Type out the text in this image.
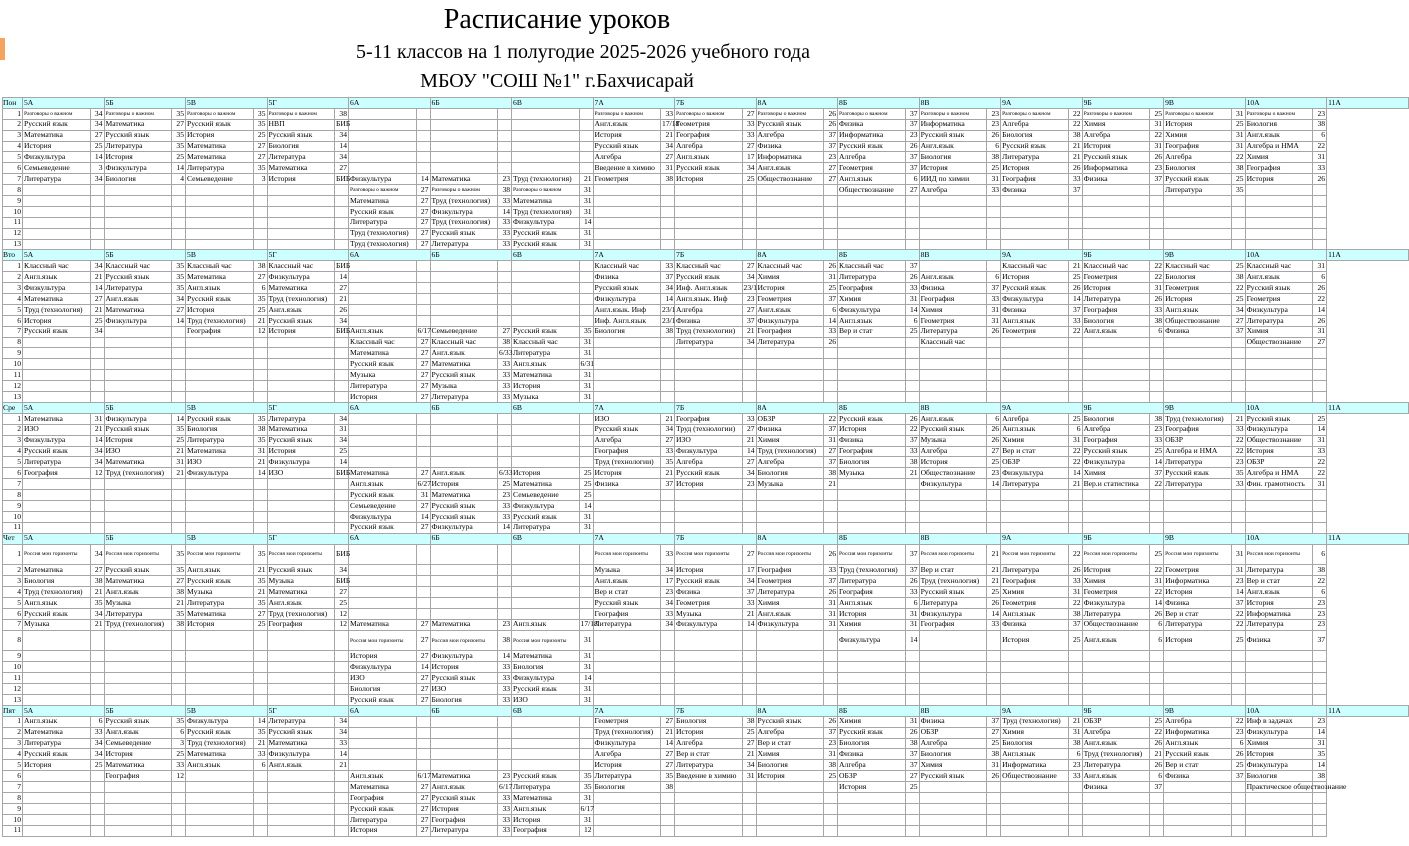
Расписание уроков
5-11 классов на 1 полугодие 2025-2026 учебного года
МБОУ "СОШ №1" г.Бахчисарай
Пон	5А		5Б		5В		5Г		6А		6Б		6В		7А		7Б		8А		8Б		8В		9А		9Б		9В		10А		11А
1	Разговоры о важном	34	Разговоры о важном	35	Разговоры о важном	35	Разговоры о важном	38							Разговоры о важном	33	Разговоры о важном	27	Разговоры о важном	26	Разговоры о важном	37	Разговоры о важном	23	Разговоры о важном	22	Разговоры о важном	25	Разговоры о важном	31	Разговоры о важном	23	
2	Русский язык	34	Математика	27	Русский язык	35	НВП	БИБ							Англ.язык	17/18	Геометрия	33	Русский язык	26	Физика	37	Информатика	23	Алгебра	22	Химия	31	История	25	Биология	38	
3	Математика	27	Русский язык	35	История	25	Русский язык	34							История	21	География	33	Алгебра	37	Информатика	23	Русский язык	26	Биология	38	Алгебра	22	Химия	31	Англ.язык	6	
4	История	25	Литература	35	Математика	27	Биология	14							Русский язык	34	Алгебра	27	Физика	37	Русский язык	26	Англ.язык	6	Русский язык	21	История	31	География	31	Алгебра и НМА	22	
5	Физкультура	14	История	25	Математика	27	Литература	34							Алгебра	27	Англ.язык	17	Информатика	23	Алгебра	37	Биология	38	Литература	21	Русский язык	26	Алгебра	22	Химия	31	
6	Семьеведение	3	Физкультура	14	Литература	35	Математика	27							Введение в химию	31	Русский язык	34	Англ.язык	27	Геометрия	37	История	25	История	26	Информатика	23	Биология	38	География	33	
7	Литература	34	Биология	4	Семьеведение	3	История	БИБ	Физкультура	14	Математика	23	Труд (технология)	21	Геометрия	38	История	25	Обществознание	27	Англ.язык	6	ИИД по химии	31	География	33	Физика	37	Русский язык	25	История	26	
8									Разговоры о важном	27	Разговоры о важном	38	Разговоры о важном	31							Обществознание	27	Алгебра	33	Физика	37			Литература	35			
9									Математика	27	Труд (технология)	33	Математика	31																			
10									Русский язык	27	Физкультура	14	Труд (технология)	31																			
11									Литература	27	Труд (технология)	33	Физкультура	14																			
12									Труд (технология)	27	Русский язык	33	Русский язык	31																			
13									Труд (технология)	27	Литература	33	Русский язык	31																			
Вто	5А		5Б		5В		5Г		6А		6Б		6В		7А		7Б		8А		8Б		8В		9А		9Б		9В		10А		11А
1	Классный час	34	Классный час	35	Классный час	38	Классный час	БИБ							Классный час	33	Классный час	27	Классный час	26	Классный час	37			Классный час	21	Классный час	22	Классный час	25	Классный час	31	
2	Англ.язык	21	Русский язык	35	Математика	27	Физкультура	14							Физика	37	Русский язык	34	Химия	31	Литература	26	Англ.язык	6	История	25	Геометрия	22	Биология	38	Англ.язык	6	
3	Физкультура	14	Литература	35	Англ.язык	6	Математика	27							Русский язык	34	Инф. Англ.язык	23/1	История	25	География	33	Физика	37	Русский язык	26	История	31	Геометрия	22	Русский язык	26	
4	Математика	27	Англ.язык	34	Русский язык	35	Труд (технология)	21							Физкультура	14	Англ.язык. Инф	23	Геометрия	37	Химия	31	География	33	Физкультура	14	Литература	26	История	25	Геометрия	22	
5	Труд (технология)	21	Математика	27	История	25	Англ.язык	26							Англ.язык. Инф	23/1	Алгебра	27	Англ.язык	6	Физкультура	14	Химия	31	Физика	37	География	33	Англ.язык	34	Физкультура	14	
6	История	25	Физкультура	14	Труд (технология)	21	Русский язык	34							Инф. Англ.язык	23/1	Физика	37	Физкультура	14	Англ.язык	6	Геометрия	31	Англ.язык	33	Биология	38	Обществознание	27	Литература	26	
7	Русский язык	34			География	12	История	БИБ	Англ.язык	6/17	Семьеведение	27	Русский язык	35	Биология	38	Труд (технологии)	21	География	33	Вер и стат	25	Литература	26	Геометрия	22	Англ.язык	6	Физика	37	Химия	31	
8									Классный час	27	Классный час	38	Классный час	31			Литература	34	Литература	26			Классный час								Обществознание	27	
9									Математика	27	Англ.язык	6/33	Литература	31																			
10									Русский язык	27	Математика	33	Англ.язык	6/31																			
11									Музыка	27	Русский язык	33	Математика	31																			
12									Литература	27	Музыка	33	История	31																			
13									История	27	Литература	33	Музыка	31																			
Сре	5А		5Б		5В		5Г		6А		6Б		6В		7А		7Б		8А		8Б		8В		9А		9Б		9В		10А		11А
1	Математика	31	Физкультура	14	Русский язык	35	Литература	34							ИЗО	21	География	33	ОБЗР	22	Русский язык	26	Англ.язык	6	Алгебра	25	Биология	38	Труд (технология)	21	Русский язык	25	
2	ИЗО	21	Русский язык	35	Биология	38	Математика	31							Русский язык	34	Труд (технологии)	27	Физика	37	История	22	Русский язык	26	Англ.язык	6	Алгебра	23	География	33	Физкультура	14	
3	Физкультура	14	История	25	Литература	35	Русский язык	34							Алгебра	27	ИЗО	21	Химия	31	Физика	37	Музыка	26	Химия	31	География	33	ОБЗР	22	Обществознание	31	
4	Русский язык	34	ИЗО	21	Математика	31	История	25							География	33	Физкультура	14	Труд (технология)	27	География	33	Алгебра	27	Вер и стат	22	Русский язык	25	Алгебра и НМА	22	История	33	
5	Литература	34	Математика	31	ИЗО	21	Физкультура	14							Труд (технологии)	35	Алгебра	27	Алгебра	37	Биология	38	История	25	ОБЗР	22	Физкультура	14	Литература	23	ОБЗР	22	
6	География	12	Труд (технология)	21	Физкультура	14	ИЗО	БИБ	Математика	27	Англ.язык	6/33	История	25	История	21	Русский язык	34	Биология	38	Музыка	21	Обществознание	23	Физкультура	14	Химия	37	Русский язык	35	Алгебра и НМА	22	
7									Англ.язык	6/27	История	25	Математика	25	Физика	37	История	23	Музыка	21			Физкультура	14	Литература	21	Вер.и статистика	22	Литература	33	Фин. грамотность	31	
8									Русский язык	31	Математика	23	Семьеведение	25																			
9									Семьеведение	27	Русский язык	33	Физкультура	14																			
10									Физкультура	14	Русский язык	33	Русский язык	31																			
11									Русский язык	27	Физкультура	14	Литература	31																			
Чет	5А		5Б		5В		5Г		6А		6Б		6В		7А		7Б		8А		8Б		8В		9А		9Б		9В		10А		11А
1	Россия мои горизонты	34	Россия мои горизонты	35	Россия мои горизонты	35	Россия мои горизонты	БИБ							Россия мои горизонты	33	Россия мои горизонты	27	Россия мои горизонты	26	Россия мои горизонты	37	Россия мои горизонты	21	Россия мои горизонты	22	Россия мои горизонты	25	Россия мои горизонты	31	Россия мои горизонты	6	
2	Математика	27	Русский язык	35	Англ.язык	21	Русский язык	34							Музыка	34	История	17	География	33	Труд (технология)	37	Вер и стат	21	Литература	26	История	22	Геометрия	31	Литература	38	
3	Биология	38	Математика	27	Русский язык	35	Музыка	БИБ							Англ.язык	17	Русский язык	34	Геометрия	37	Литература	26	Труд (технология)	21	География	33	Химия	31	Информатика	23	Вер и стат	22	
4	Труд (технология)	21	Англ.язык	38	Музыка	21	Математика	27							Вер и стат	23	Физика	37	Литература	26	География	33	Русский язык	25	Химия	31	Геометрия	22	История	14	Англ.язык	6	
5	Англ.язык	35	Музыка	21	Литература	35	Англ.язык	25							Русский язык	34	Геометрия	33	Химия	31	Англ.язык	6	Литература	26	Геометрия	22	Физкультура	14	Физика	37	История	23	
6	Русский язык	34	Литература	35	Математика	27	Труд (технология)	12							География	33	Музыка	21	Англ.язык	31	История	31	Физкультура	14	Англ.язык	38	Литература	26	Вер и стат	22	Информатика	23	
7	Музыка	21	Труд (технология)	38	История	25	География	12	Математика	27	Математика	23	Англ.язык	17/18	Литература	34	Физкультура	14	Физкультура	31	Химия	31	География	33	Физика	37	Обществознание	6	Литература	22	Литература	23	
8									Россия мои горизонты	27	Россия мои горизонты	38	Россия мои горизонты	31							Физкультура	14			История	25	Англ.язык	6	История	25	Физика	37	
9									История	27	Физкультура	14	Математика	31																			
10									Физкультура	14	История	33	Биология	31																			
11									ИЗО	27	Русский язык	33	Физкультура	14																			
12									Биология	27	ИЗО	33	Русский язык	31																			
13									Русский язык	27	Биология	33	ИЗО	31																			
Пят	5А		5Б		5В		5Г		6А		6Б		6В		7А		7Б		8А		8Б		8В		9А		9Б		9В		10А		11А
1	Англ.язык	6	Русский язык	35	Физкультура	14	Литература	34							Геометрия	27	Биология	38	Русский язык	26	Химия	31	Физика	37	Труд (технология)	21	ОБЗР	25	Алгебра	22	Инф в задачах	23	
2	Математика	33	Англ.язык	6	Русский язык	35	Русский язык	34							Труд (технология)	21	История	25	Алгебра	37	Русский язык	26	ОБЗР	27	Химия	31	Алгебра	22	Информатика	23	Физкультура	14	
3	Литература	34	Семьеведение	3	Труд (технология)	21	Математика	33							Физкультура	14	Алгебра	27	Вер и стат	23	Биология	38	Алгебра	25	Биология	38	Англ.язык	26	Англ.язык	6	Химия	31	
4	Русский язык	34	История	25	Математика	33	Физкультура	14							Алгебра	27	Вер и стат	21	Химия	31	Физика	37	Биология	38	Англ.язык	6	Труд (технология)	21	Русский язык	26	История	35	
5	История	25	Математика	33	Англ.язык	6	Англ.язык	21							История	27	Литература	34	Биология	38	Алгебра	37	Химия	31	Информатика	23	Литература	26	Вер и стат	25	Физкультура	14	
6			География	12					Англ.язык	6/17	Математика	23	Русский язык	35	Литература	35	Введение в химию	31	История	25	ОБЗР	27	Русский язык	26	Обществознание	33	Англ.язык	6	Физика	37	Биология	38	
7									Математика	27	Англ.язык	6/17	Литература	35	Биология	38					История	25					Физика	37			Практическое обществознание		
8									География	27	Русский язык	33	Математика	31																			
9									Русский язык	27	История	33	Англ.язык	6/17																			
10									Литература	27	География	33	История	31																			
11									История	27	Литература	33	География	12																			
